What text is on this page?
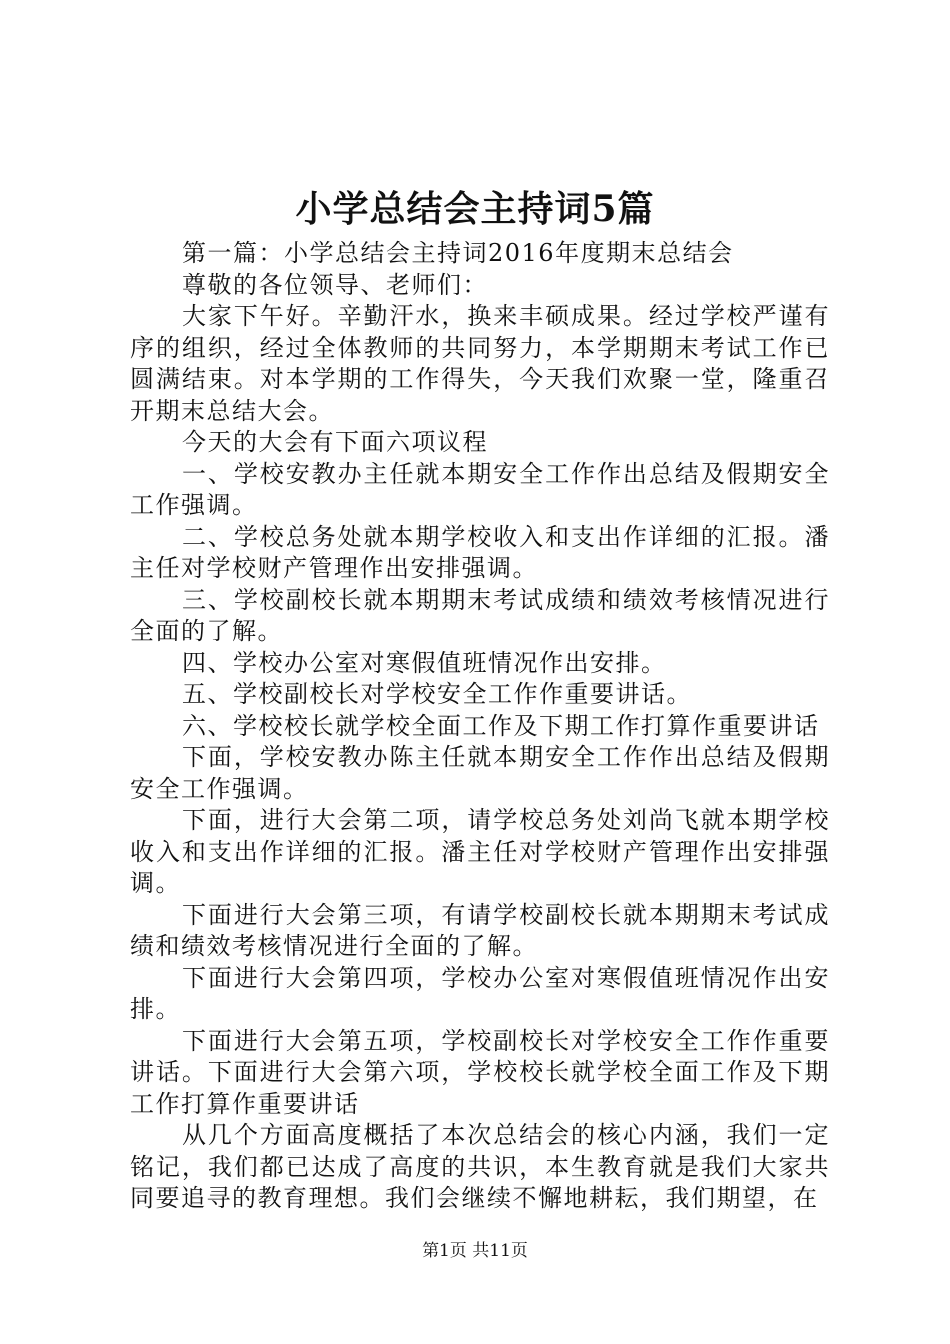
小学总结会主持词5篇

第一篇：小学总结会主持词2016年度期末总结会

尊敬的各位领导、老师们：

大家下午好。辛勤汗水，换来丰硕成果。经过学校严谨有序的组织，经过全体教师的共同努力，本学期期末考试工作已圆满结束。对本学期的工作得失，今天我们欢聚一堂，隆重召开期末总结大会。

今天的大会有下面六项议程

一、学校安教办主任就本期安全工作作出总结及假期安全工作强调。

二、学校总务处就本期学校收入和支出作详细的汇报。潘主任对学校财产管理作出安排强调。

三、学校副校长就本期期末考试成绩和绩效考核情况进行全面的了解。

四、学校办公室对寒假值班情况作出安排。

五、学校副校长对学校安全工作作重要讲话。

六、学校校长就学校全面工作及下期工作打算作重要讲话

下面，学校安教办陈主任就本期安全工作作出总结及假期安全工作强调。

下面，进行大会第二项，请学校总务处刘尚飞就本期学校收入和支出作详细的汇报。潘主任对学校财产管理作出安排强调。

下面进行大会第三项，有请学校副校长就本期期末考试成绩和绩效考核情况进行全面的了解。

下面进行大会第四项，学校办公室对寒假值班情况作出安排。

下面进行大会第五项，学校副校长对学校安全工作作重要讲话。下面进行大会第六项，学校校长就学校全面工作及下期工作打算作重要讲话

从几个方面高度概括了本次总结会的核心内涵，我们一定铭记，我们都已达成了高度的共识，本生教育就是我们大家共同要追寻的教育理想。我们会继续不懈地耕耘，我们期望，在

第1页 共11页
